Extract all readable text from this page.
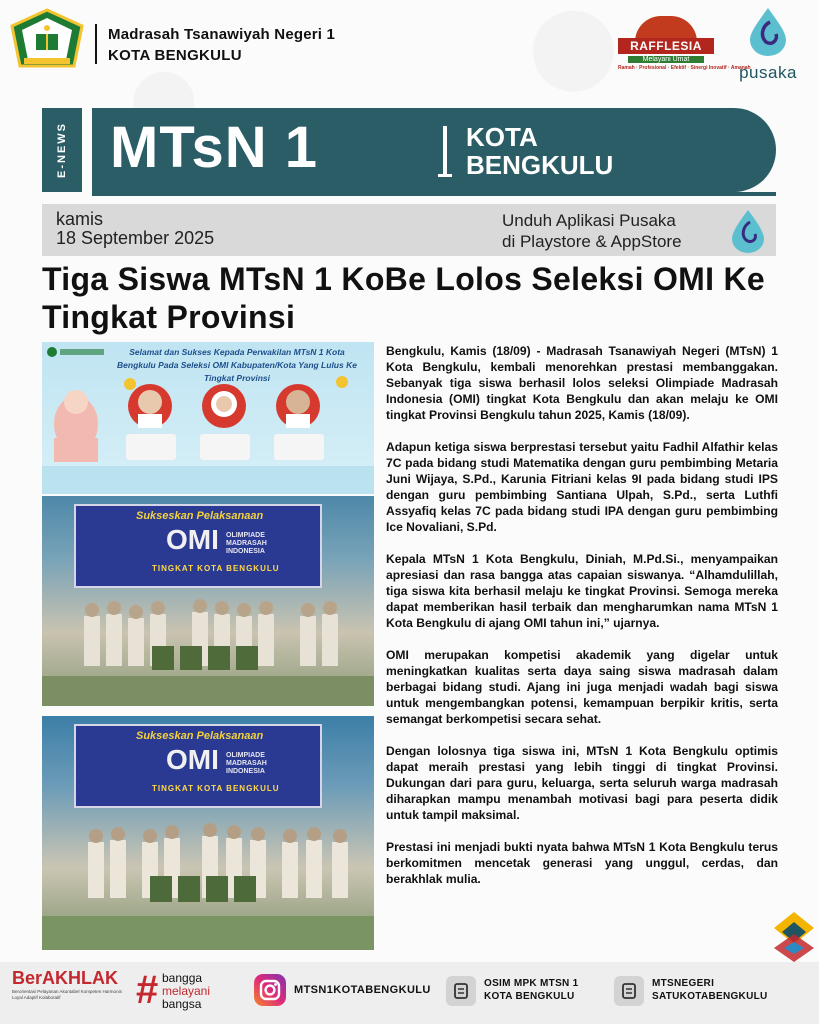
Madrasah Tsanawiyah Negeri 1
KOTA BENGKULU
RAFFLESIA
Melayani Umat
Ramah · Profesional · Efektif · Sinergi Inovatif · Amanah
pusaka
E-NEWS MTsN 1	KOTA
BENGKULU
kamis
18 September 2025
Unduh Aplikasi Pusaka
di Playstore & AppStore
Tiga Siswa MTsN 1 KoBe Lolos Seleksi OMI Ke Tingkat Provinsi
Selamat dan Sukses Kepada Perwakilan MTsN 1 Kota Bengkulu Pada Seleksi OMI Kabupaten/Kota Yang Lulus Ke Tingkat Provinsi
Sukseskan Pelaksanaan
OMI OLIMPIADE MADRASAH INDONESIA
TINGKAT KOTA BENGKULU
Sukseskan Pelaksanaan
OMI OLIMPIADE MADRASAH INDONESIA
TINGKAT KOTA BENGKULU

Bengkulu, Kamis (18/09) - Madrasah Tsanawiyah Negeri (MTsN) 1 Kota Bengkulu, kembali menorehkan prestasi membanggakan. Sebanyak tiga siswa berhasil lolos seleksi Olimpiade Madrasah Indonesia (OMI) tingkat Kota Bengkulu dan akan melaju ke OMI tingkat Provinsi Bengkulu tahun 2025, Kamis (18/09).

Adapun ketiga siswa berprestasi tersebut yaitu Fadhil Alfathir kelas 7C pada bidang studi Matematika dengan guru pembimbing Metaria Juni Wijaya, S.Pd., Karunia Fitriani kelas 9I pada bidang studi IPS dengan guru pembimbing Santiana Ulpah, S.Pd., serta Luthfi Assyafiq kelas 7C pada bidang studi IPA dengan guru pembimbing Ice Novaliani, S.Pd.

Kepala MTsN 1 Kota Bengkulu, Diniah, M.Pd.Si., menyampaikan apresiasi dan rasa bangga atas capaian siswanya. “Alhamdulillah, tiga siswa kita berhasil melaju ke tingkat Provinsi. Semoga mereka dapat memberikan hasil terbaik dan mengharumkan nama MTsN 1 Kota Bengkulu di ajang OMI tahun ini,” ujarnya.

OMI merupakan kompetisi akademik yang digelar untuk meningkatkan kualitas serta daya saing siswa madrasah dalam berbagai bidang studi. Ajang ini juga menjadi wadah bagi siswa untuk mengembangkan potensi, kemampuan berpikir kritis, serta semangat berkompetisi secara sehat.

Dengan lolosnya tiga siswa ini, MTsN 1 Kota Bengkulu optimis dapat meraih prestasi yang lebih tinggi di tingkat Provinsi. Dukungan dari para guru, keluarga, serta seluruh warga madrasah diharapkan mampu menambah motivasi bagi para peserta didik untuk tampil maksimal.

Prestasi ini menjadi bukti nyata bahwa MTsN 1 Kota Bengkulu terus berkomitmen mencetak generasi yang unggul, cerdas, dan berakhlak mulia.

BerAKHLAK
Berorientasi Pelayanan Akuntabel Kompeten Harmonis Loyal Adaptif Kolaboratif	# bangga
melayani
bangsa
MTSN1KOTABENGKULU
OSIM MPK MTSN 1
KOTA BENGKULU
MTSNEGERI
SATUKOTABENGKULU
